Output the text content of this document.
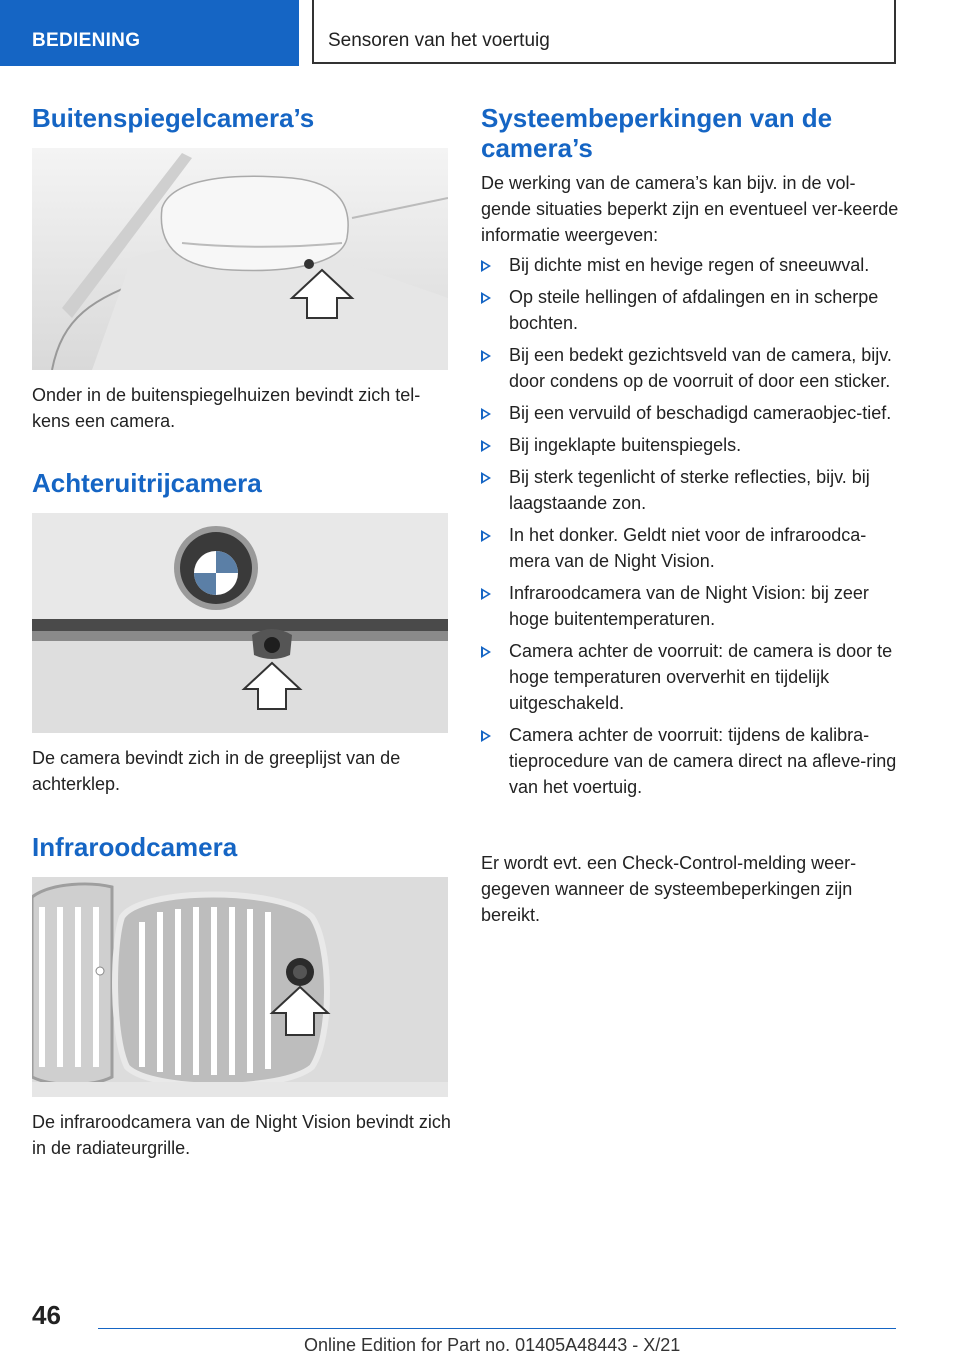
BEDIENING	Sensoren van het voertuig
Buitenspiegelcamera’s

Onder in de buitenspiegelhuizen bevindt zich tel-kens een camera.

Achteruitrijcamera

De camera bevindt zich in de greeplijst van de achterklep.

Infraroodcamera

De infraroodcamera van de Night Vision bevindt zich in de radiateurgrille.

Systeembeperkingen van de camera’s

De werking van de camera’s kan bijv. in de vol-gende situaties beperkt zijn en eventueel ver-keerde informatie weergeven:

Bij dichte mist en hevige regen of sneeuwval.
Op steile hellingen of afdalingen en in scherpe bochten.
Bij een bedekt gezichtsveld van de camera, bijv. door condens op de voorruit of door een sticker.
Bij een vervuild of beschadigd cameraobjec-tief.
Bij ingeklapte buitenspiegels.
Bij sterk tegenlicht of sterke reflecties, bijv. bij laagstaande zon.
In het donker. Geldt niet voor de infraroodca-mera van de Night Vision.
Infraroodcamera van de Night Vision: bij zeer hoge buitentemperaturen.
Camera achter de voorruit: de camera is door te hoge temperaturen oververhit en tijdelijk uitgeschakeld.
Camera achter de voorruit: tijdens de kalibra-tieprocedure van de camera direct na afleve-ring van het voertuig.

Er wordt evt. een Check-Control-melding weer-gegeven wanneer de systeembeperkingen zijn bereikt.

46
Online Edition for Part no. 01405A48443 - X/21
